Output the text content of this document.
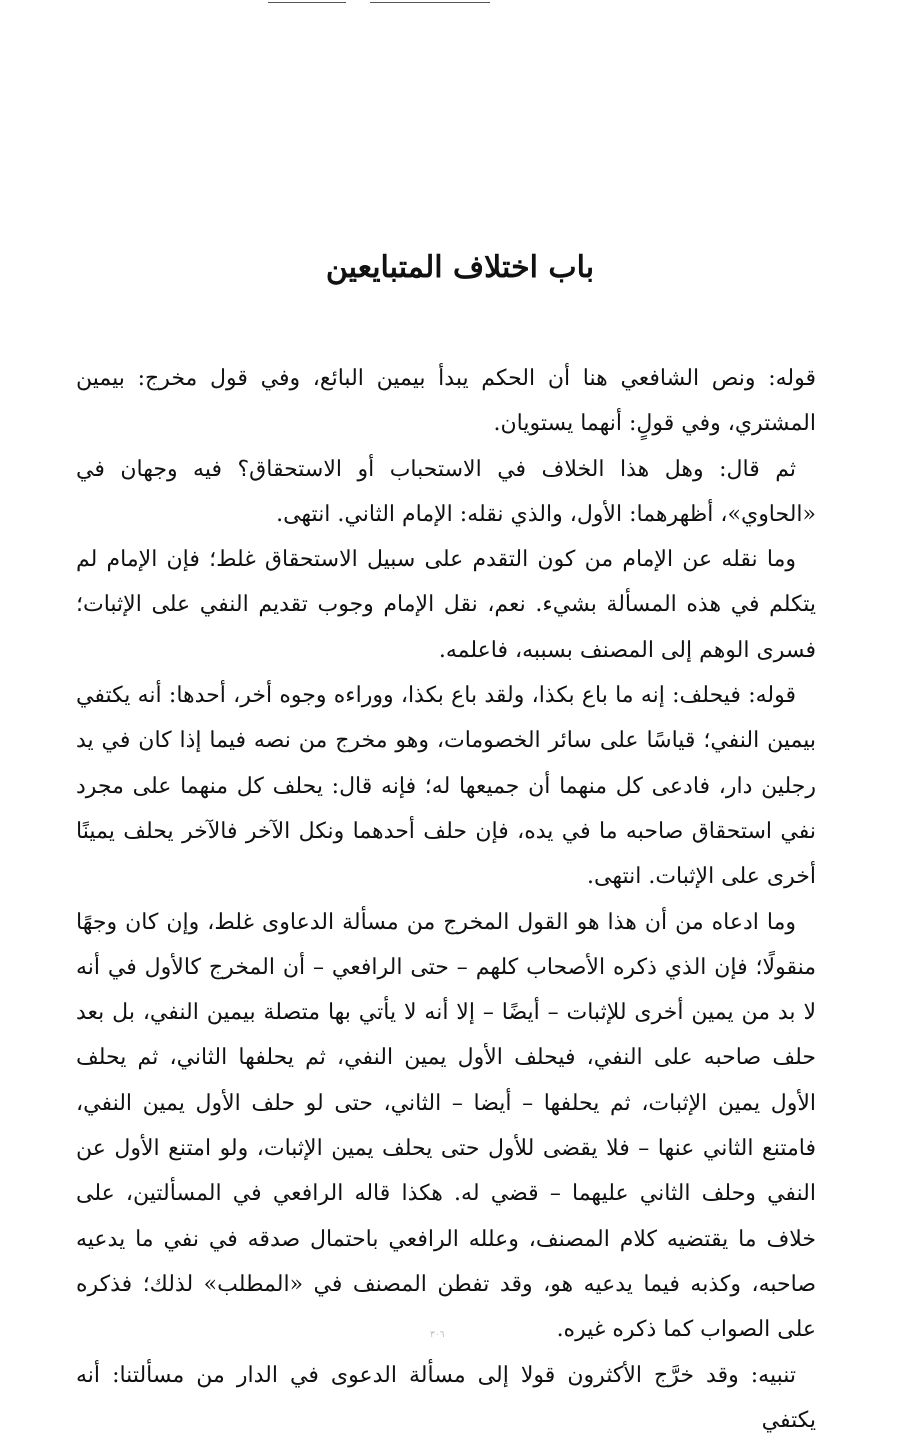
باب اختلاف المتبايعين

قوله: ونص الشافعي هنا أن الحكم يبدأ بيمين البائع، وفي قول مخرج: بيمين المشتري، وفي قولٍ: أنهما يستويان.

ثم قال: وهل هذا الخلاف في الاستحباب أو الاستحقاق؟ فيه وجهان في «الحاوي»، أظهرهما: الأول، والذي نقله: الإمام الثاني. انتهى.

وما نقله عن الإمام من كون التقدم على سبيل الاستحقاق غلط؛ فإن الإمام لم يتكلم في هذه المسألة بشيء. نعم، نقل الإمام وجوب تقديم النفي على الإثبات؛ فسرى الوهم إلى المصنف بسببه، فاعلمه.

قوله: فيحلف: إنه ما باع بكذا، ولقد باع بكذا، ووراءه وجوه أخر، أحدها: أنه يكتفي بيمين النفي؛ قياسًا على سائر الخصومات، وهو مخرج من نصه فيما إذا كان في يد رجلين دار، فادعى كل منهما أن جميعها له؛ فإنه قال: يحلف كل منهما على مجرد نفي استحقاق صاحبه ما في يده، فإن حلف أحدهما ونكل الآخر فالآخر يحلف يمينًا أخرى على الإثبات. انتهى.

وما ادعاه من أن هذا هو القول المخرج من مسألة الدعاوى غلط، وإن كان وجهًا منقولًا؛ فإن الذي ذكره الأصحاب كلهم – حتى الرافعي – أن المخرج كالأول في أنه لا بد من يمين أخرى للإثبات – أيضًا – إلا أنه لا يأتي بها متصلة بيمين النفي، بل بعد حلف صاحبه على النفي، فيحلف الأول يمين النفي، ثم يحلفها الثاني، ثم يحلف الأول يمين الإثبات، ثم يحلفها – أيضا – الثاني، حتى لو حلف الأول يمين النفي، فامتنع الثاني عنها – فلا يقضى للأول حتى يحلف يمين الإثبات، ولو امتنع الأول عن النفي وحلف الثاني عليهما – قضي له. هكذا قاله الرافعي في المسألتين، على خلاف ما يقتضيه كلام المصنف، وعلله الرافعي باحتمال صدقه في نفي ما يدعيه صاحبه، وكذبه فيما يدعيه هو، وقد تفطن المصنف في «المطلب» لذلك؛ فذكره على الصواب كما ذكره غيره.

تنبيه: وقد خرَّج الأكثرون قولا إلى مسألة الدعوى في الدار من مسألتنا: أنه يكتفي

٣٠٦
